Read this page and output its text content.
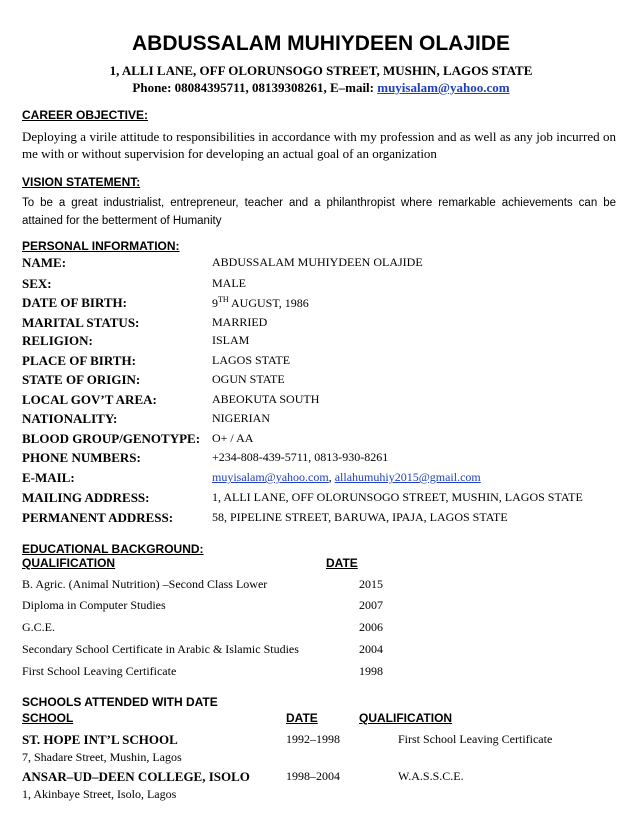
ABDUSSALAM MUHIYDEEN OLAJIDE
1, ALLI LANE, OFF OLORUNSOGO STREET, MUSHIN, LAGOS STATE
Phone: 08084395711, 08139308261, E–mail: muyisalam@yahoo.com
CAREER OBJECTIVE:
Deploying a virile attitude to responsibilities in accordance with my profession and as well as any job incurred on me with or without supervision for developing an actual goal of an organization
VISION STATEMENT:
To be a great industrialist, entrepreneur, teacher and a philanthropist where remarkable achievements can be attained for the betterment of Humanity
PERSONAL INFORMATION:
NAME:	ABDUSSALAM MUHIYDEEN OLAJIDE
SEX:	MALE
DATE OF BIRTH:	9TH AUGUST, 1986
MARITAL STATUS:	MARRIED
RELIGION:	ISLAM
PLACE OF BIRTH:	LAGOS STATE
STATE OF ORIGIN:	OGUN STATE
LOCAL GOV’T AREA:	ABEOKUTA SOUTH
NATIONALITY:	NIGERIAN
BLOOD GROUP/GENOTYPE: O+ / AA
PHONE NUMBERS:	+234-808-439-5711, 0813-930-8261
E-MAIL:	muyisalam@yahoo.com, allahumuhiy2015@gmail.com
MAILING ADDRESS:	1, ALLI LANE, OFF OLORUNSOGO STREET, MUSHIN, LAGOS STATE
PERMANENT ADDRESS:	58, PIPELINE STREET, BARUWA, IPAJA, LAGOS STATE
EDUCATIONAL BACKGROUND:
QUALIFICATION	DATE
B. Agric. (Animal Nutrition) –Second Class Lower	2015
Diploma in Computer Studies	2007
G.C.E.	2006
Secondary School Certificate in Arabic & Islamic Studies	2004
First School Leaving Certificate	1998
SCHOOLS ATTENDED WITH DATE
SCHOOL	DATE	QUALIFICATION
ST. HOPE INT’L SCHOOL
7, Shadare Street, Mushin, Lagos
1992–1998	First School Leaving Certificate
ANSAR–UD–DEEN COLLEGE, ISOLO
1, Akinbaye Street, Isolo, Lagos
1998–2004	W.A.S.S.C.E.
